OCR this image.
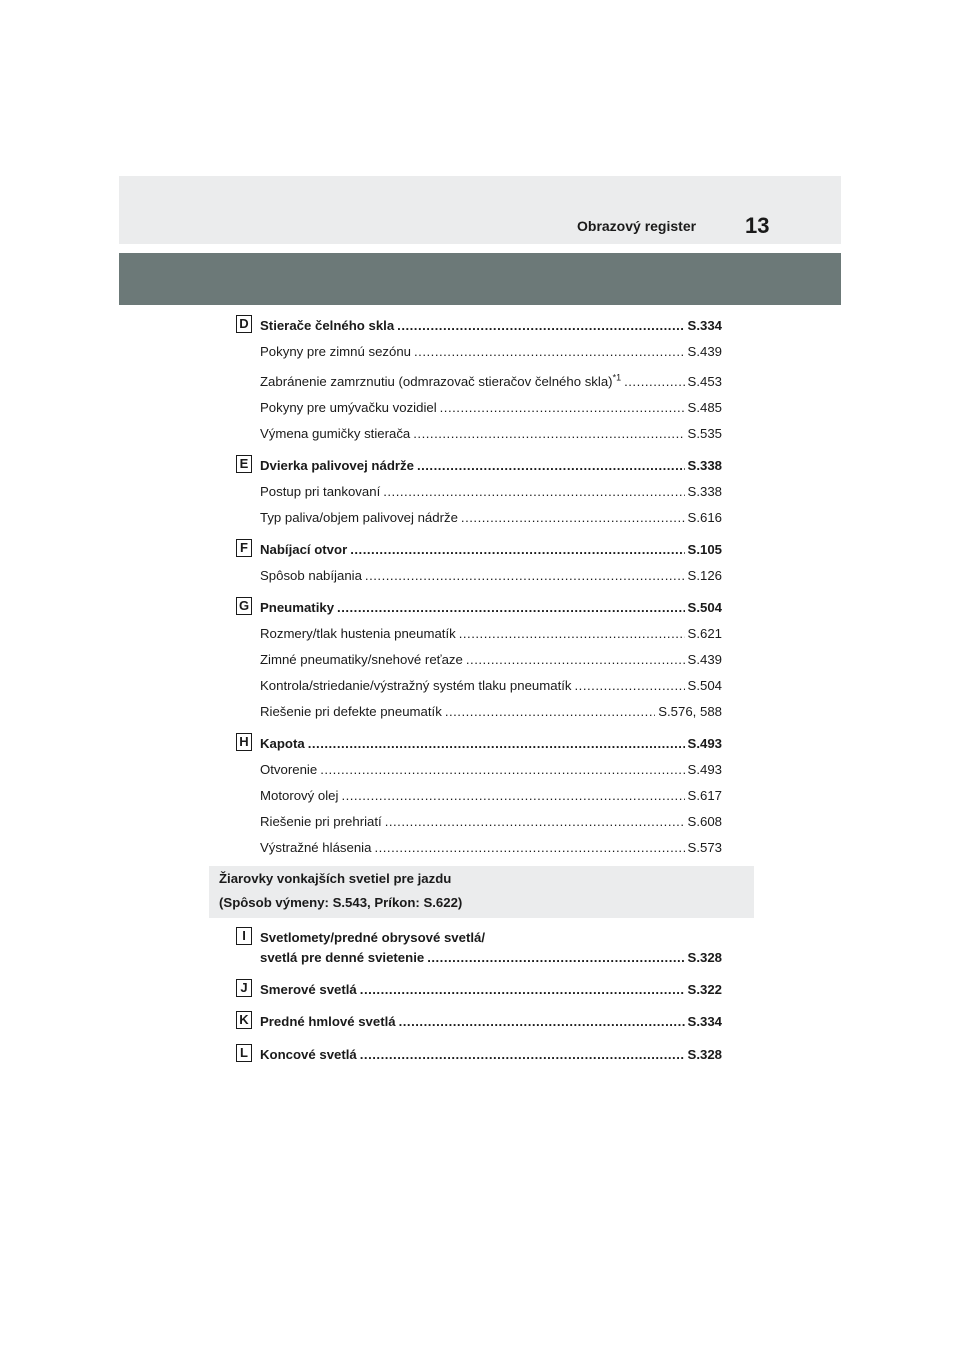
Obrazový register 13
D Stierače čelného skla .....	S.334
Pokyny pre zimnú sezónu .....	S.439
Zabránenie zamrznutiu (odmrazovač stieračov čelného skla)$^{*1}$ .....	S.453
Pokyny pre umývačku vozidiel .....	S.485
Výmena gumičky stierača .....	S.535
E Dvierka palivovej nádrže .....	S.338
Postup pri tankovaní .....	S.338
Typ paliva/objem palivovej nádrže .....	S.616
F Nabíjací otvor .....	S.105
Spôsob nabíjania .....	S.126
G Pneumatiky .....	S.504
Rozmery/tlak hustenia pneumatík .....	S.621
Zimné pneumatiky/snehové reťaze .....	S.439
Kontrola/striedanie/výstražný systém tlaku pneumatík .....	S.504
Riešenie pri defekte pneumatík .....	S.576, 588
H Kapota .....	S.493
Otvorenie .....	S.493
Motorový olej .....	S.617
Riešenie pri prehriatí .....	S.608
Výstražné hlásenia .....	S.573
Žiarovky vonkajších svetiel pre jazdu
(Spôsob výmeny: S.543, Príkon: S.622)
I	Svetlomety/predné obrysové svetlá/
svetlá pre denné svietenie .....	S.328
J Smerové svetlá .....	S.322
K Predné hmlové svetlá .....	S.334
L Koncové svetlá .....	S.328
